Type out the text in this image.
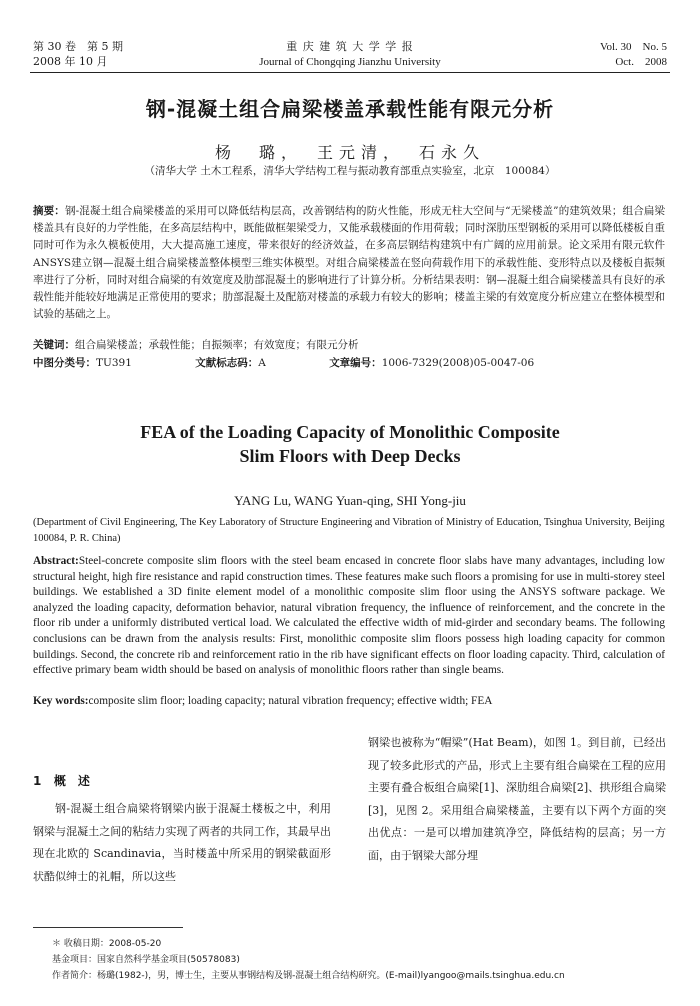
第 30 卷　第 5 期
2008 年 10 月
重 庆 建 筑 大 学 学 报
Journal of Chongqing Jianzhu University
Vol. 30　No. 5
Oct.　2008
钢-混凝土组合扁梁楼盖承载性能有限元分析
杨　璐，　王元清，　石永久
（清华大学 土木工程系，清华大学结构工程与振动教育部重点实验室，北京　100084）
摘要：钢-混凝土组合扁梁楼盖的采用可以降低结构层高，改善钢结构的防火性能，形成无柱大空间与“无梁楼盖”的建筑效果；组合扁梁楼盖具有良好的力学性能，在多高层结构中，既能做框架梁受力，又能承载楼面的作用荷载；同时深肋压型钢板的采用可以降低楼板自重同时可作为永久模板使用，大大提高施工速度，带来很好的经济效益，在多高层钢结构建筑中有广阔的应用前景。论文采用有限元软件ANSYS建立钢—混凝土组合扁梁楼盖整体模型三维实体模型。对组合扁梁楼盖在竖向荷载作用下的承载性能、变形特点以及楼板自振频率进行了分析，同时对组合扁梁的有效宽度及肋部混凝土的影响进行了计算分析。分析结果表明：钢—混凝土组合扁梁楼盖具有良好的承载性能并能较好地满足正常使用的要求；肋部混凝土及配筋对楼盖的承载力有较大的影响；楼盖主梁的有效宽度分析应建立在整体模型和试验的基础之上。
关键词：组合扁梁楼盖；承载性能；自振频率；有效宽度；有限元分析
中图分类号：TU391	文献标志码：A	文章编号：1006-7329(2008)05-0047-06
FEA of the Loading Capacity of Monolithic Composite
Slim Floors with Deep Decks
YANG Lu, WANG Yuan-qing, SHI Yong-jiu
(Department of Civil Engineering, The Key Laboratory of Structure Engineering and Vibration of Ministry of Education, Tsinghua University, Beijing 100084, P. R. China)
Abstract:Steel-concrete composite slim floors with the steel beam encased in concrete floor slabs have many advantages, including low structural height, high fire resistance and rapid construction times. These features make such floors a promising for use in multi-storey steel buildings. We established a 3D finite element model of a monolithic composite slim floor using the ANSYS software package. We analyzed the loading capacity, deformation behavior, natural vibration frequency, the influence of reinforcement, and the concrete in the floor rib under a uniformly distributed vertical load. We calculated the effective width of mid-girder and secondary beams. The following conclusions can be drawn from the analysis results: First, monolithic composite slim floors possess high loading capacity for common buildings. Second, the concrete rib and reinforcement ratio in the rib have significant effects on floor loading capacity. Third, calculation of effective primary beam width should be based on analysis of monolithic floors rather than single beams.
Key words:composite slim floor; loading capacity; natural vibration frequency; effective width; FEA
1 概　述
钢-混凝土组合扁梁将钢梁内嵌于混凝土楼板之中，利用钢梁与混凝土之间的粘结力实现了两者的共同工作，其最早出现在北欧的 Scandinavia，当时楼盖中所采用的钢梁截面形状酷似绅士的礼帽，所以这些
钢梁也被称为“帽梁”(Hat Beam)，如图 1。到目前，已经出现了较多此形式的产品，形式上主要有组合扁梁在工程的应用主要有叠合板组合扁梁[1]、深肋组合扁梁[2]、拱形组合扁梁[3]，见图 2。采用组合扁梁楼盖，主要有以下两个方面的突出优点：一是可以增加建筑净空，降低结构的层高；另一方面，由于钢梁大部分埋
＊ 收稿日期：2008-05-20
基金项目：国家自然科学基金项目(50578083)
作者简介：杨璐(1982-)，男，博士生，主要从事钢结构及钢-混凝土组合结构研究。(E-mail)lyangoo@mails.tsinghua.edu.cn
